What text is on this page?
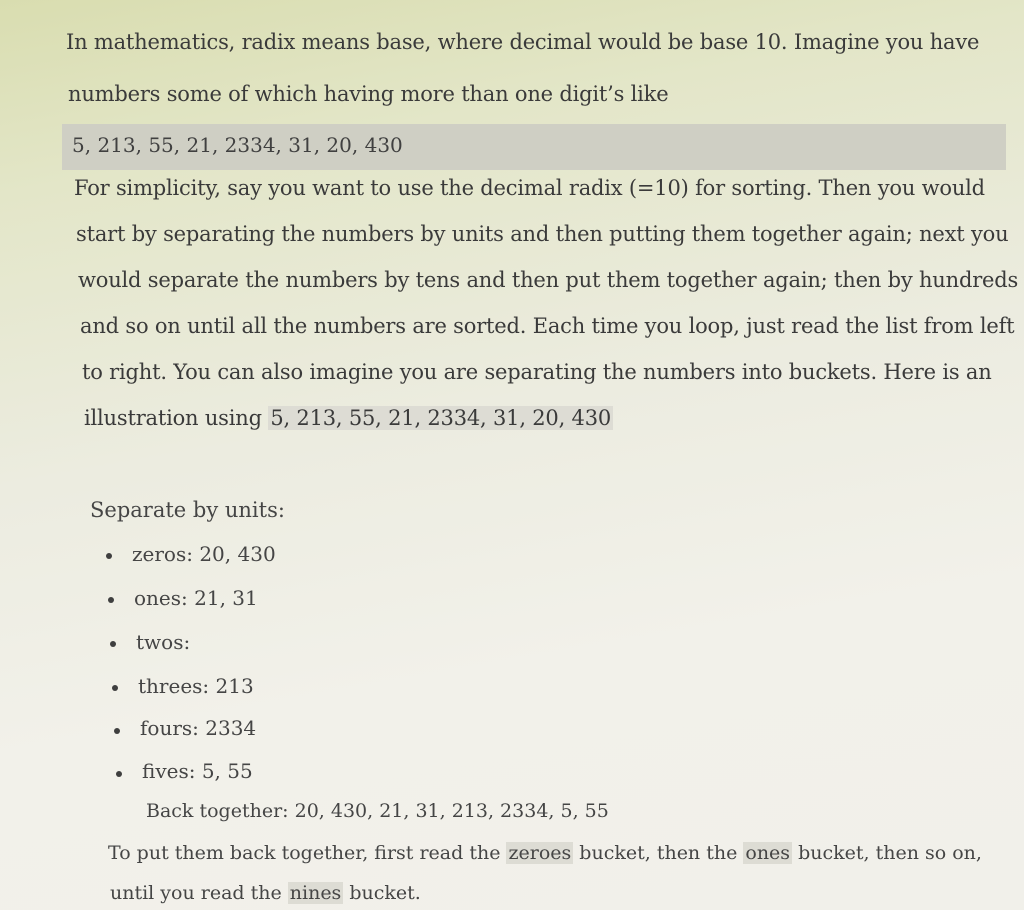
In mathematics, radix means base, where decimal would be base 10. Imagine you have
numbers some of which having more than one digit’s like
5, 213, 55, 21, 2334, 31, 20, 430
For simplicity, say you want to use the decimal radix (=10) for sorting. Then you would
start by separating the numbers by units and then putting them together again; next you
would separate the numbers by tens and then put them together again; then by hundreds
and so on until all the numbers are sorted. Each time you loop, just read the list from left
to right. You can also imagine you are separating the numbers into buckets. Here is an
illustration using 5, 213, 55, 21, 2334, 31, 20, 430
Separate by units:
zeros: 20, 430
ones: 21, 31
twos:
threes: 213
fours: 2334
fives: 5, 55
Back together: 20, 430, 21, 31, 213, 2334, 5, 55
To put them back together, first read the zeroes bucket, then the ones bucket, then so on,
until you read the nines bucket.
